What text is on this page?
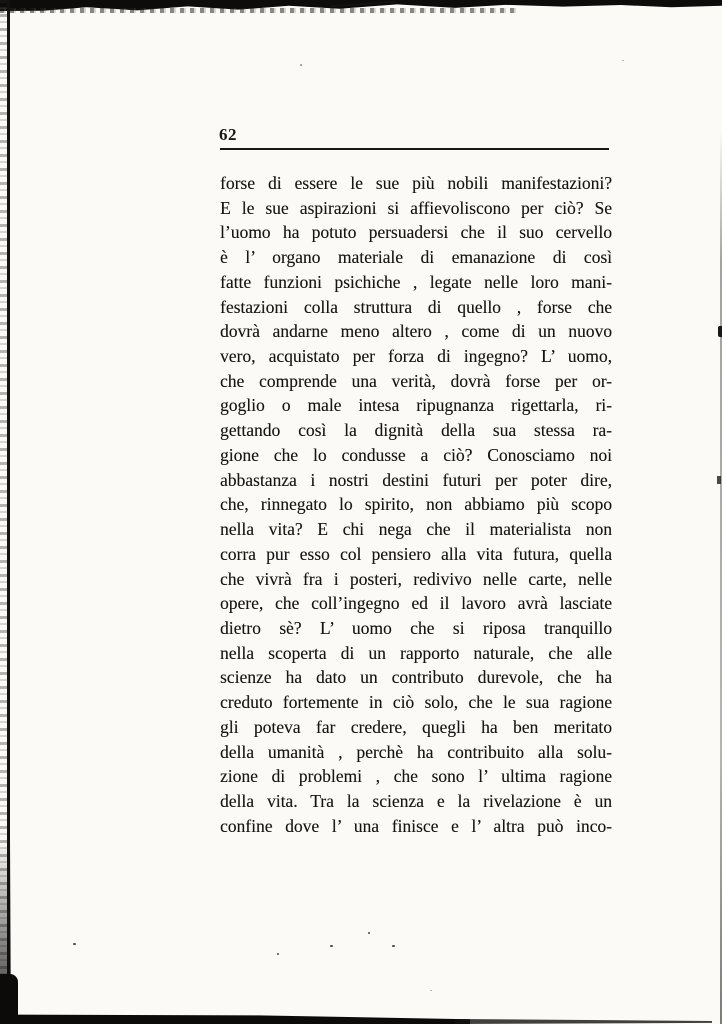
62
forse di essere le sue più nobili manifestazioni?
E le sue aspirazioni si affievoliscono per ciò? Se
l’uomo ha potuto persuadersi che il suo cervello
è l’ organo materiale di emanazione di così
fatte funzioni psichiche , legate nelle loro mani-
festazioni colla struttura di quello , forse che
dovrà andarne meno altero , come di un nuovo
vero, acquistato per forza di ingegno? L’ uomo,
che comprende una verità, dovrà forse per or-
goglio o male intesa ripugnanza rigettarla, ri-
gettando così la dignità della sua stessa ra-
gione che lo condusse a ciò? Conosciamo noi
abbastanza i nostri destini futuri per poter dire,
che, rinnegato lo spirito, non abbiamo più scopo
nella vita? E chi nega che il materialista non
corra pur esso col pensiero alla vita futura, quella
che vivrà fra i posteri, redivivo nelle carte, nelle
opere, che coll’ingegno ed il lavoro avrà lasciate
dietro sè? L’ uomo che si riposa tranquillo
nella scoperta di un rapporto naturale, che alle
scienze ha dato un contributo durevole, che ha
creduto fortemente in ciò solo, che le sua ragione
gli poteva far credere, quegli ha ben meritato
della umanità , perchè ha contribuito alla solu-
zione di problemi , che sono l’ ultima ragione
della vita. Tra la scienza e la rivelazione è un
confine dove l’ una finisce e l’ altra può inco-
